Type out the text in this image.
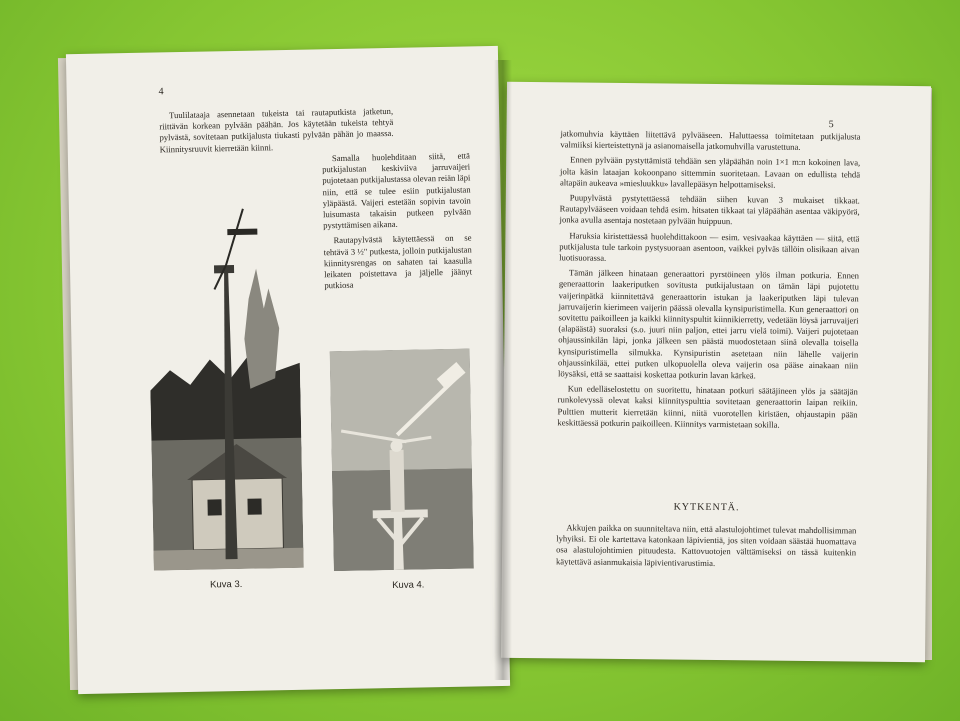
4

Tuulilataaja asennetaan tukeista tai rautaputkista jatketun, riittävän korkean pylvään päähän. Jos käytetään tukeista tehtyä pylvästä, sovitetaan putkijalusta tiukasti pylvään pähän jo maassa. Kiinnitysruuvit kierretään kiinni.

Samalla huolehditaan siitä, että putkijalustan keskiviiva jarruvaijeri pujotetaan putkijalustassa olevan reiän läpi niin, että se tulee esiin putkijalustan yläpäästä. Vaijeri estetään sopivin tavoin luisumasta takaisin putkeen pylvään pystyttämisen aikana.

Rautapylvästä käytettäessä on se tehtävä 3 ½" putkesta, jolloin putkijalustan kiinnitysrengas on sahaten tai kaasulla leikaten poistettava ja jäljelle jäänyt putkiosa

Kuva 3.	Kuva 4.
5

jatkomuhvia käyttäen liitettävä pylvääseen. Haluttaessa toimitetaan putkijalusta valmiiksi kierteistettynä ja asianomaisella jatkomuhvilla varustettuna.

Ennen pylvään pystyttämistä tehdään sen yläpäähän noin 1×1 m:n kokoinen lava, jolta käsin lataajan kokoonpano sittemmin suoritetaan. Lavaan on edullista tehdä altapäin aukeava »miesluukku» lavallepääsyn helpottamiseksi.

Puupylvästä pystytettäessä tehdään siihen kuvan 3 mukaiset tikkaat. Rautapylvääseen voidaan tehdä esim. hitsaten tikkaat tai yläpäähän asentaa väkipyörä, jonka avulla asentaja nostetaan pylvään huippuun.

Haruksia kiristettäessä huolehdittakoon — esim. vesivaakaa käyttäen — siitä, että putkijalusta tule tarkoin pystysuoraan asentoon, vaikkei pylväs tällöin olisikaan aivan luotisuorassa.

Tämän jälkeen hinataan generaattori pyrstöineen ylös ilman potkuria. Ennen generaattorin laakeriputken sovitusta putkijalustaan on tämän läpi pujotettu vaijerinpätkä kiinnitettävä generaattorin istukan ja laakeriputken läpi tulevan jarruvaijerin kierimeen vaijerin päässä olevalla kynsipuristimella. Kun generaattori on sovitettu paikoilleen ja kaikki kiinnityspultit kiinnikierretty, vedetään löysä jarruvaijeri (alapäästä) suoraksi (s.o. juuri niin paljon, ettei jarru vielä toimi). Vaijeri pujotetaan ohjaussinkilän läpi, jonka jälkeen sen päästä muodostetaan siinä olevalla toisella kynsipuristimella silmukka. Kynsipuristin asetetaan niin lähelle vaijerin ohjaussinkilää, ettei putken ulkopuolella oleva vaijerin osa pääse ainakaan niin löysäksi, että se saattaisi koskettaa potkurin lavan kärkeä.

Kun edelläselostettu on suoritettu, hinataan potkuri säätäjineen ylös ja säätäjän runkolevyssä olevat kaksi kiinnityspulttia sovitetaan generaattorin laipan reikiin. Pulttien mutterit kierretään kiinni, niitä vuorotellen kiristäen, ohjaustapin pään keskittäessä potkurin paikoilleen. Kiinnitys varmistetaan sokilla.

KYTKENTÄ.

Akkujen paikka on suunniteltava niin, että alastulojohtimet tulevat mahdollisimman lyhyiksi. Ei ole kartettava katonkaan läpivientiä, jos siten voidaan säästää huomattava osa alastulojohtimien pituudesta. Kattovuotojen välttämiseksi on tässä kuitenkin käytettävä asianmukaisia läpivientivarustimia.
